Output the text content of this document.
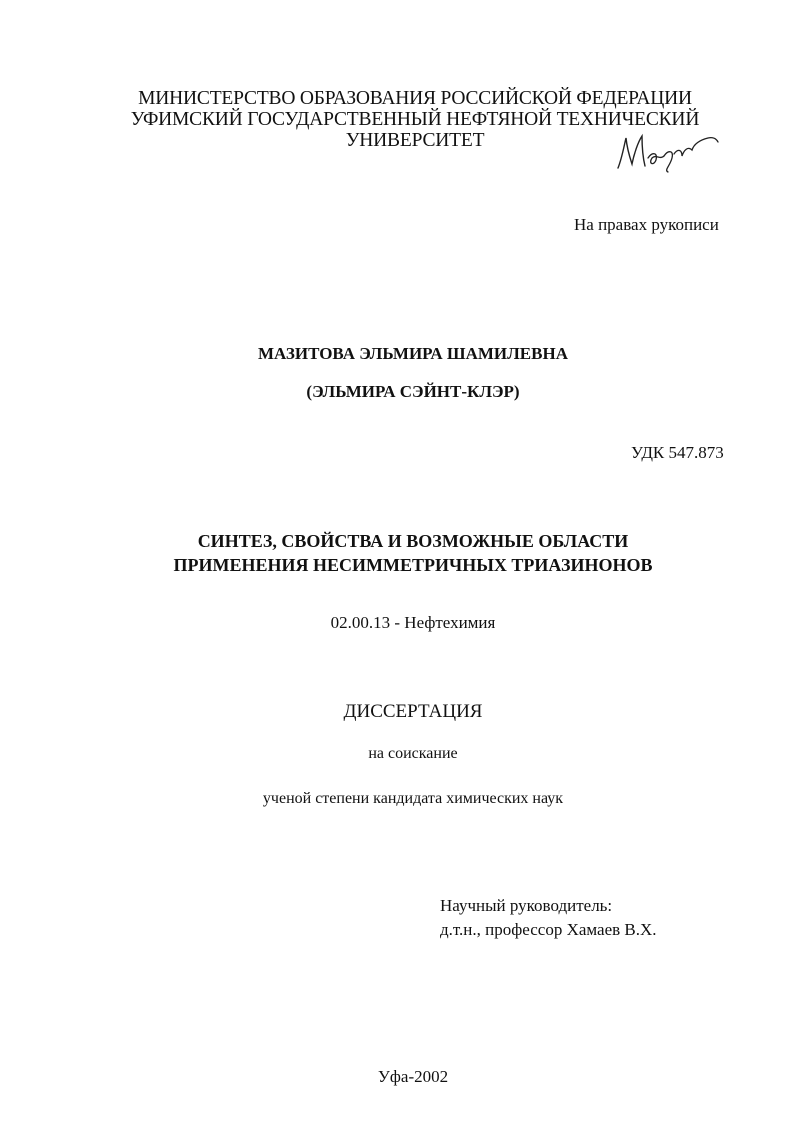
МИНИСТЕРСТВО ОБРАЗОВАНИЯ РОССИЙСКОЙ ФЕДЕРАЦИИ
УФИМСКИЙ ГОСУДАРСТВЕННЫЙ НЕФТЯНОЙ ТЕХНИЧЕСКИЙ
УНИВЕРСИТЕТ
На правах рукописи
МАЗИТОВА ЭЛЬМИРА ШАМИЛЕВНА
(ЭЛЬМИРА СЭЙНТ-КЛЭР)
УДК 547.873
СИНТЕЗ, СВОЙСТВА И ВОЗМОЖНЫЕ ОБЛАСТИ
ПРИМЕНЕНИЯ НЕСИММЕТРИЧНЫХ ТРИАЗИНОНОВ
02.00.13 - Нефтехимия
ДИССЕРТАЦИЯ
на соискание
ученой степени кандидата химических наук
Научный руководитель:
д.т.н., профессор Хамаев В.Х.
Уфа-2002
